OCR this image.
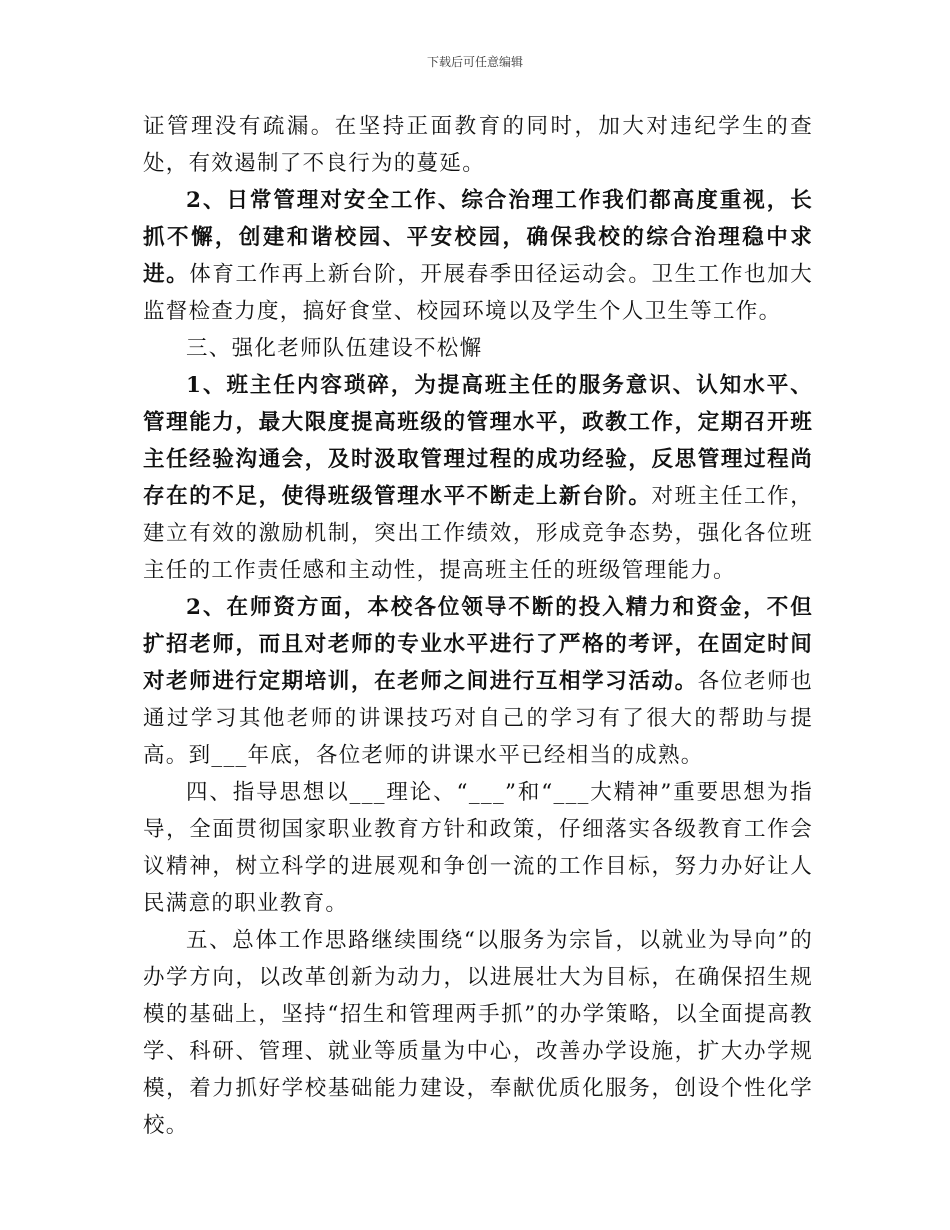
下载后可任意编辑

证管理没有疏漏。在坚持正面教育的同时，加大对违纪学生的查处，有效遏制了不良行为的蔓延。

2、日常管理对安全工作、综合治理工作我们都高度重视，长抓不懈，创建和谐校园、平安校园，确保我校的综合治理稳中求进。体育工作再上新台阶，开展春季田径运动会。卫生工作也加大监督检查力度，搞好食堂、校园环境以及学生个人卫生等工作。

三、强化老师队伍建设不松懈

1、班主任内容琐碎，为提高班主任的服务意识、认知水平、管理能力，最大限度提高班级的管理水平，政教工作，定期召开班主任经验沟通会，及时汲取管理过程的成功经验，反思管理过程尚存在的不足，使得班级管理水平不断走上新台阶。对班主任工作，建立有效的激励机制，突出工作绩效，形成竞争态势，强化各位班主任的工作责任感和主动性，提高班主任的班级管理能力。

2、在师资方面，本校各位领导不断的投入精力和资金，不但扩招老师，而且对老师的专业水平进行了严格的考评，在固定时间对老师进行定期培训，在老师之间进行互相学习活动。各位老师也通过学习其他老师的讲课技巧对自己的学习有了很大的帮助与提高。到___年底，各位老师的讲课水平已经相当的成熟。

四、指导思想以___理论、“___”和“___大精神”重要思想为指导，全面贯彻国家职业教育方针和政策，仔细落实各级教育工作会议精神，树立科学的进展观和争创一流的工作目标，努力办好让人民满意的职业教育。

五、总体工作思路继续围绕“以服务为宗旨，以就业为导向”的办学方向，以改革创新为动力，以进展壮大为目标，在确保招生规模的基础上，坚持“招生和管理两手抓”的办学策略，以全面提高教学、科研、管理、就业等质量为中心，改善办学设施，扩大办学规模，着力抓好学校基础能力建设，奉献优质化服务，创设个性化学校。
